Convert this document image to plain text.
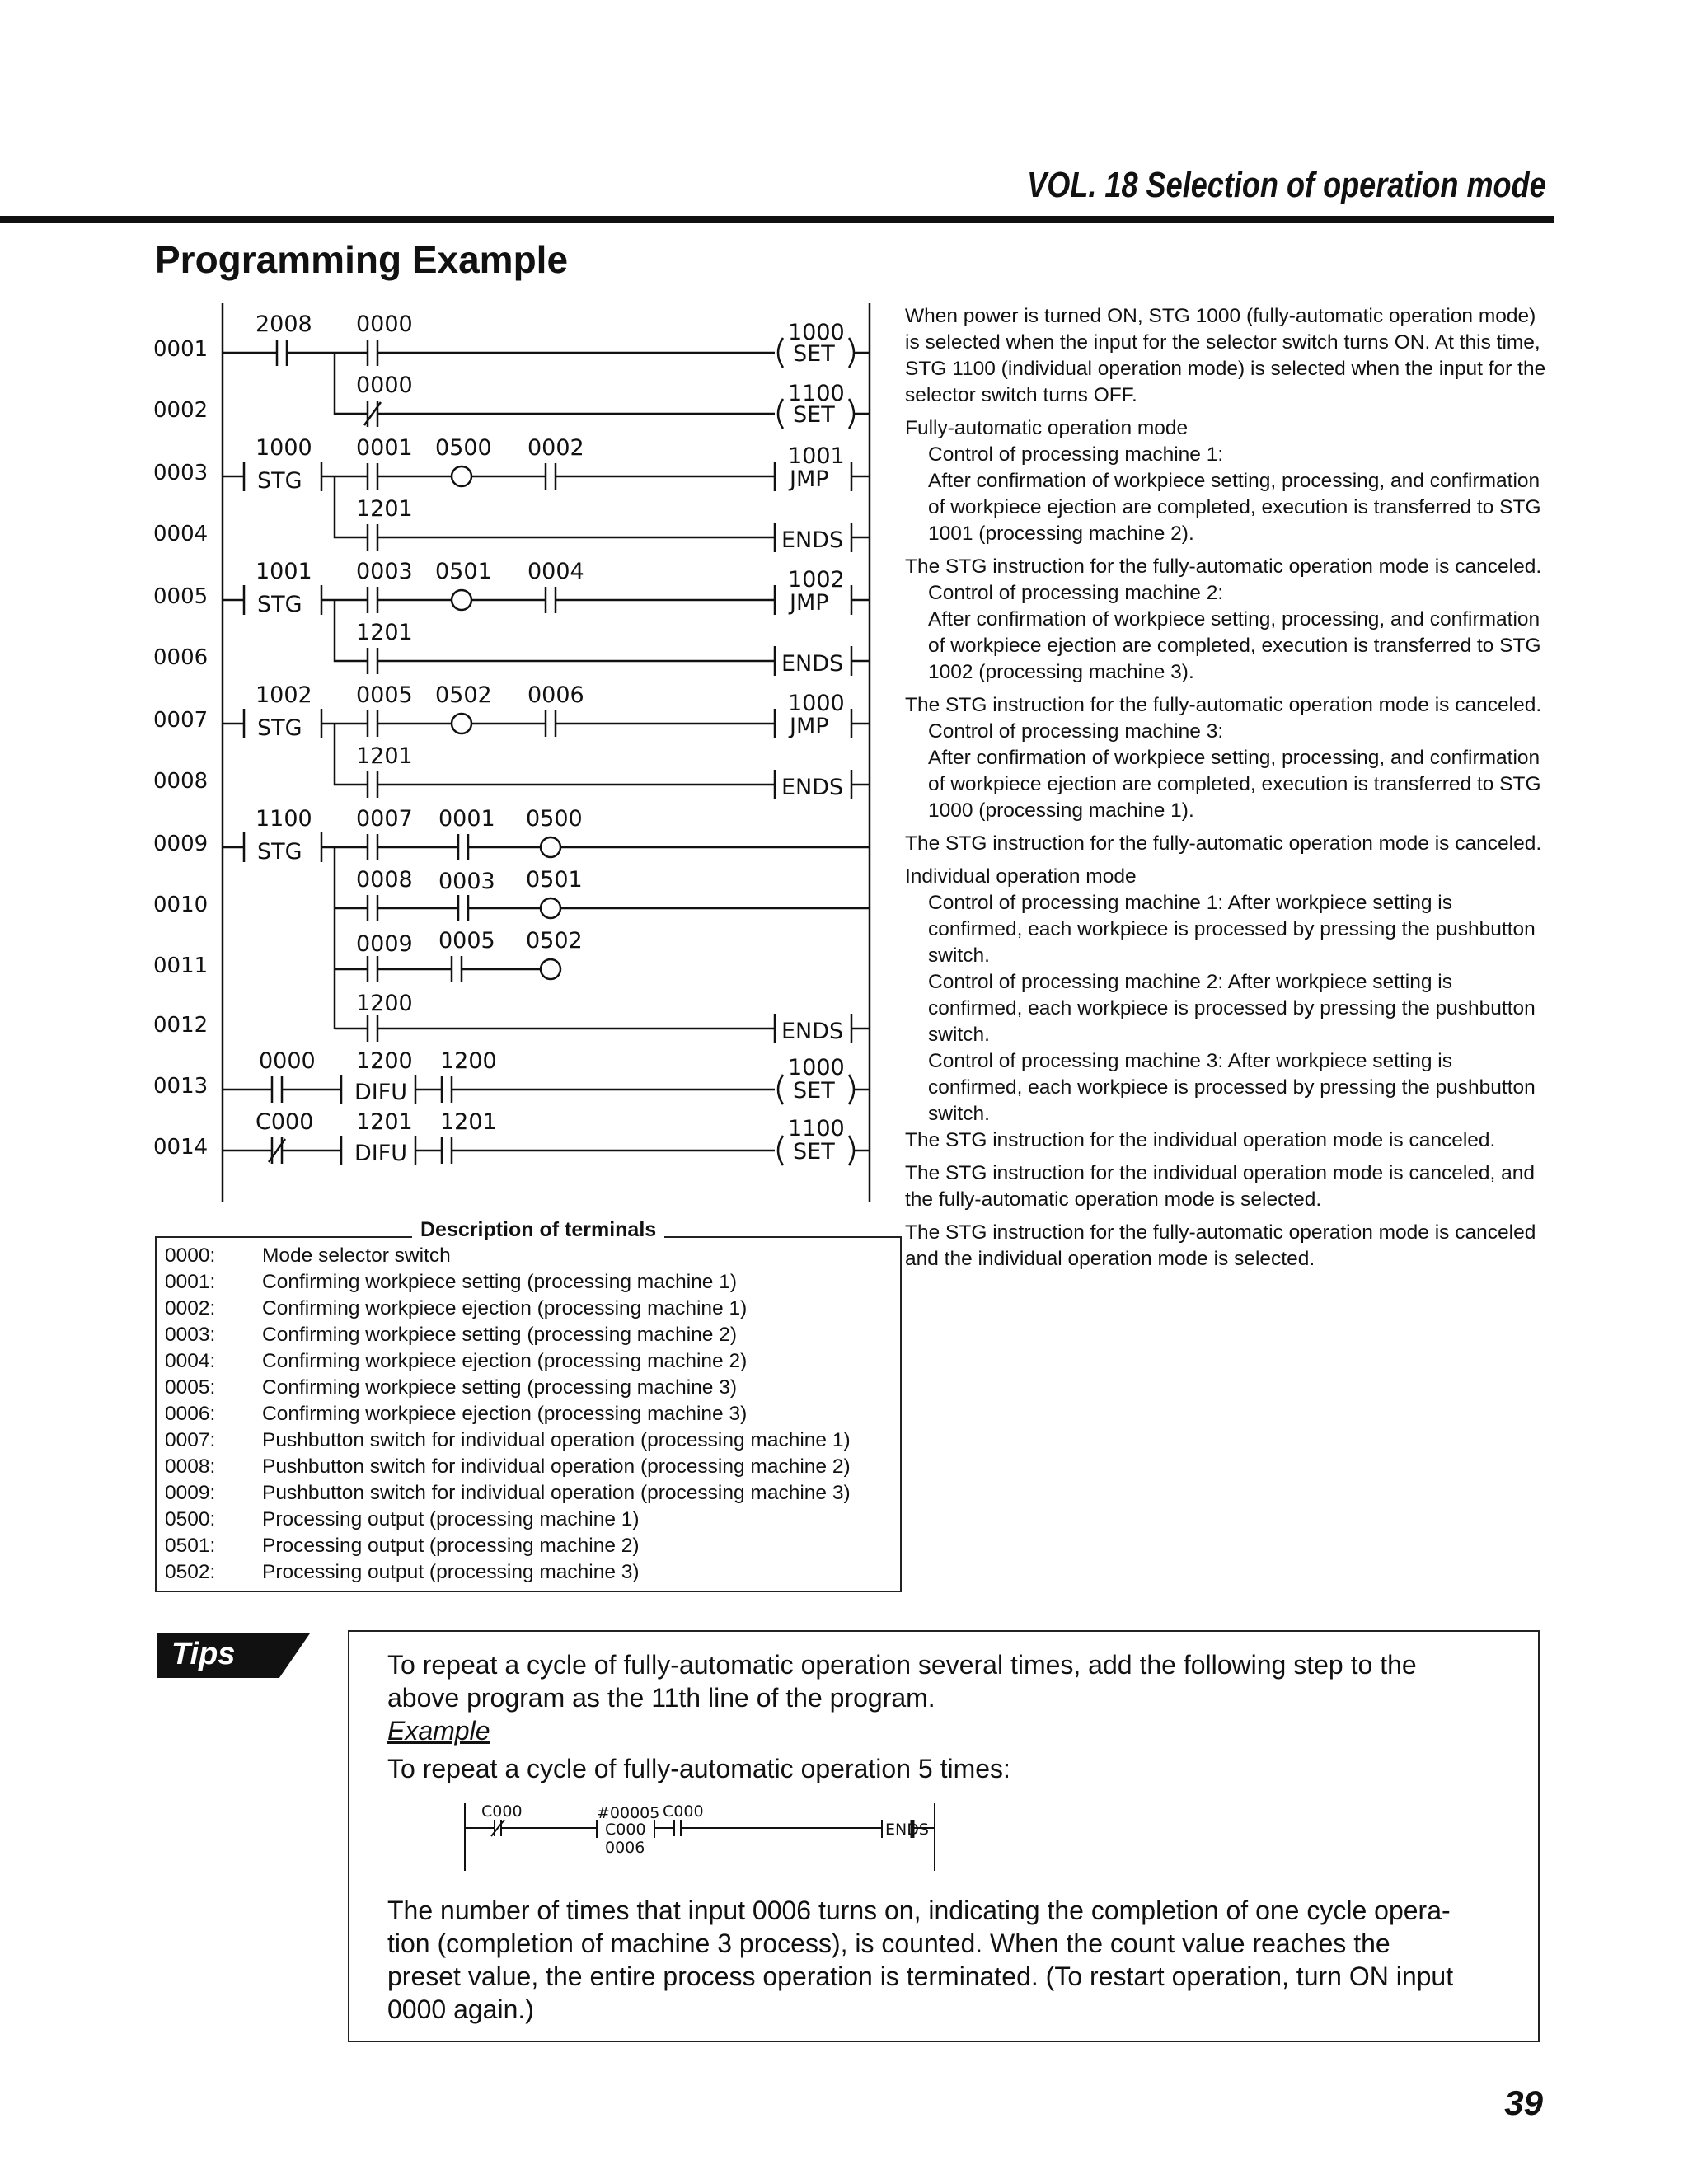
VOL. 18 Selection of operation mode
Programming Example
0001
0002
0003
0004
0005
0006
0007
0008
0009
0010
0011
0012
0013
0014
2008 0000	1000
SET
0000	1100
SET
1000
STG
0001 0500 0002	1001
JMP
1201
ENDS
1001
STG
0003 0501 0004	1002
JMP
1201
ENDS
1002
STG
0005 0502 0006	1000
JMP
1201
ENDS
1100
STG
0007 0001 0500
0008 0003 0501
0009 0005 0502
1200
ENDS
0000 1200
DIFU
1200	1000
SET
C000 1201
DIFU
1201	1100
SET

When power is turned ON, STG 1000 (fully-automatic operation mode) is selected when the input for the selector switch turns ON. At this time, STG 1100 (individual operation mode) is selected when the input for the selector switch turns OFF.

Fully-automatic operation mode

Control of processing machine 1:

After confirmation of workpiece setting, processing, and confirmation of workpiece ejection are completed, execution is transferred to STG 1001 (processing machine 2).

The STG instruction for the fully-automatic operation mode is canceled.

Control of processing machine 2:

After confirmation of workpiece setting, processing, and confirmation of workpiece ejection are completed, execution is transferred to STG 1002 (processing machine 3).

The STG instruction for the fully-automatic operation mode is canceled.

Control of processing machine 3:

After confirmation of workpiece setting, processing, and confirmation of workpiece ejection are completed, execution is transferred to STG 1000 (processing machine 1).

The STG instruction for the fully-automatic operation mode is canceled.

Individual operation mode

Control of processing machine 1: After workpiece setting is confirmed, each workpiece is processed by pressing the pushbutton switch.

Control of processing machine 2: After workpiece setting is confirmed, each workpiece is processed by pressing the pushbutton switch.

Control of processing machine 3: After workpiece setting is confirmed, each workpiece is processed by pressing the pushbutton switch.

The STG instruction for the individual operation mode is canceled.

The STG instruction for the individual operation mode is canceled, and the fully-automatic operation mode is selected.

The STG instruction for the fully-automatic operation mode is canceled and the individual operation mode is selected.

0000: Mode selector switch
0001: Confirming workpiece setting (processing machine 1)
0002: Confirming workpiece ejection (processing machine 1)
0003: Confirming workpiece setting (processing machine 2)
0004: Confirming workpiece ejection (processing machine 2)
0005: Confirming workpiece setting (processing machine 3)
0006: Confirming workpiece ejection (processing machine 3)
0007: Pushbutton switch for individual operation (processing machine 1)
0008: Pushbutton switch for individual operation (processing machine 2)
0009: Pushbutton switch for individual operation (processing machine 3)
0500: Processing output (processing machine 1)
0501: Processing output (processing machine 2)
0502: Processing output (processing machine 3)
Description of terminals
Tips	To repeat a cycle of fully-automatic operation several times, add the following step to the
above program as the 11th line of the program.
Example
To repeat a cycle of fully-automatic operation 5 times:
C000	#00005
C000
0006
C000
ENDS
The number of times that input 0006 turns on, indicating the completion of one cycle opera-
tion (completion of machine 3 process), is counted. When the count value reaches the
preset value, the entire process operation is terminated. (To restart operation, turn ON input
0000 again.)
39
